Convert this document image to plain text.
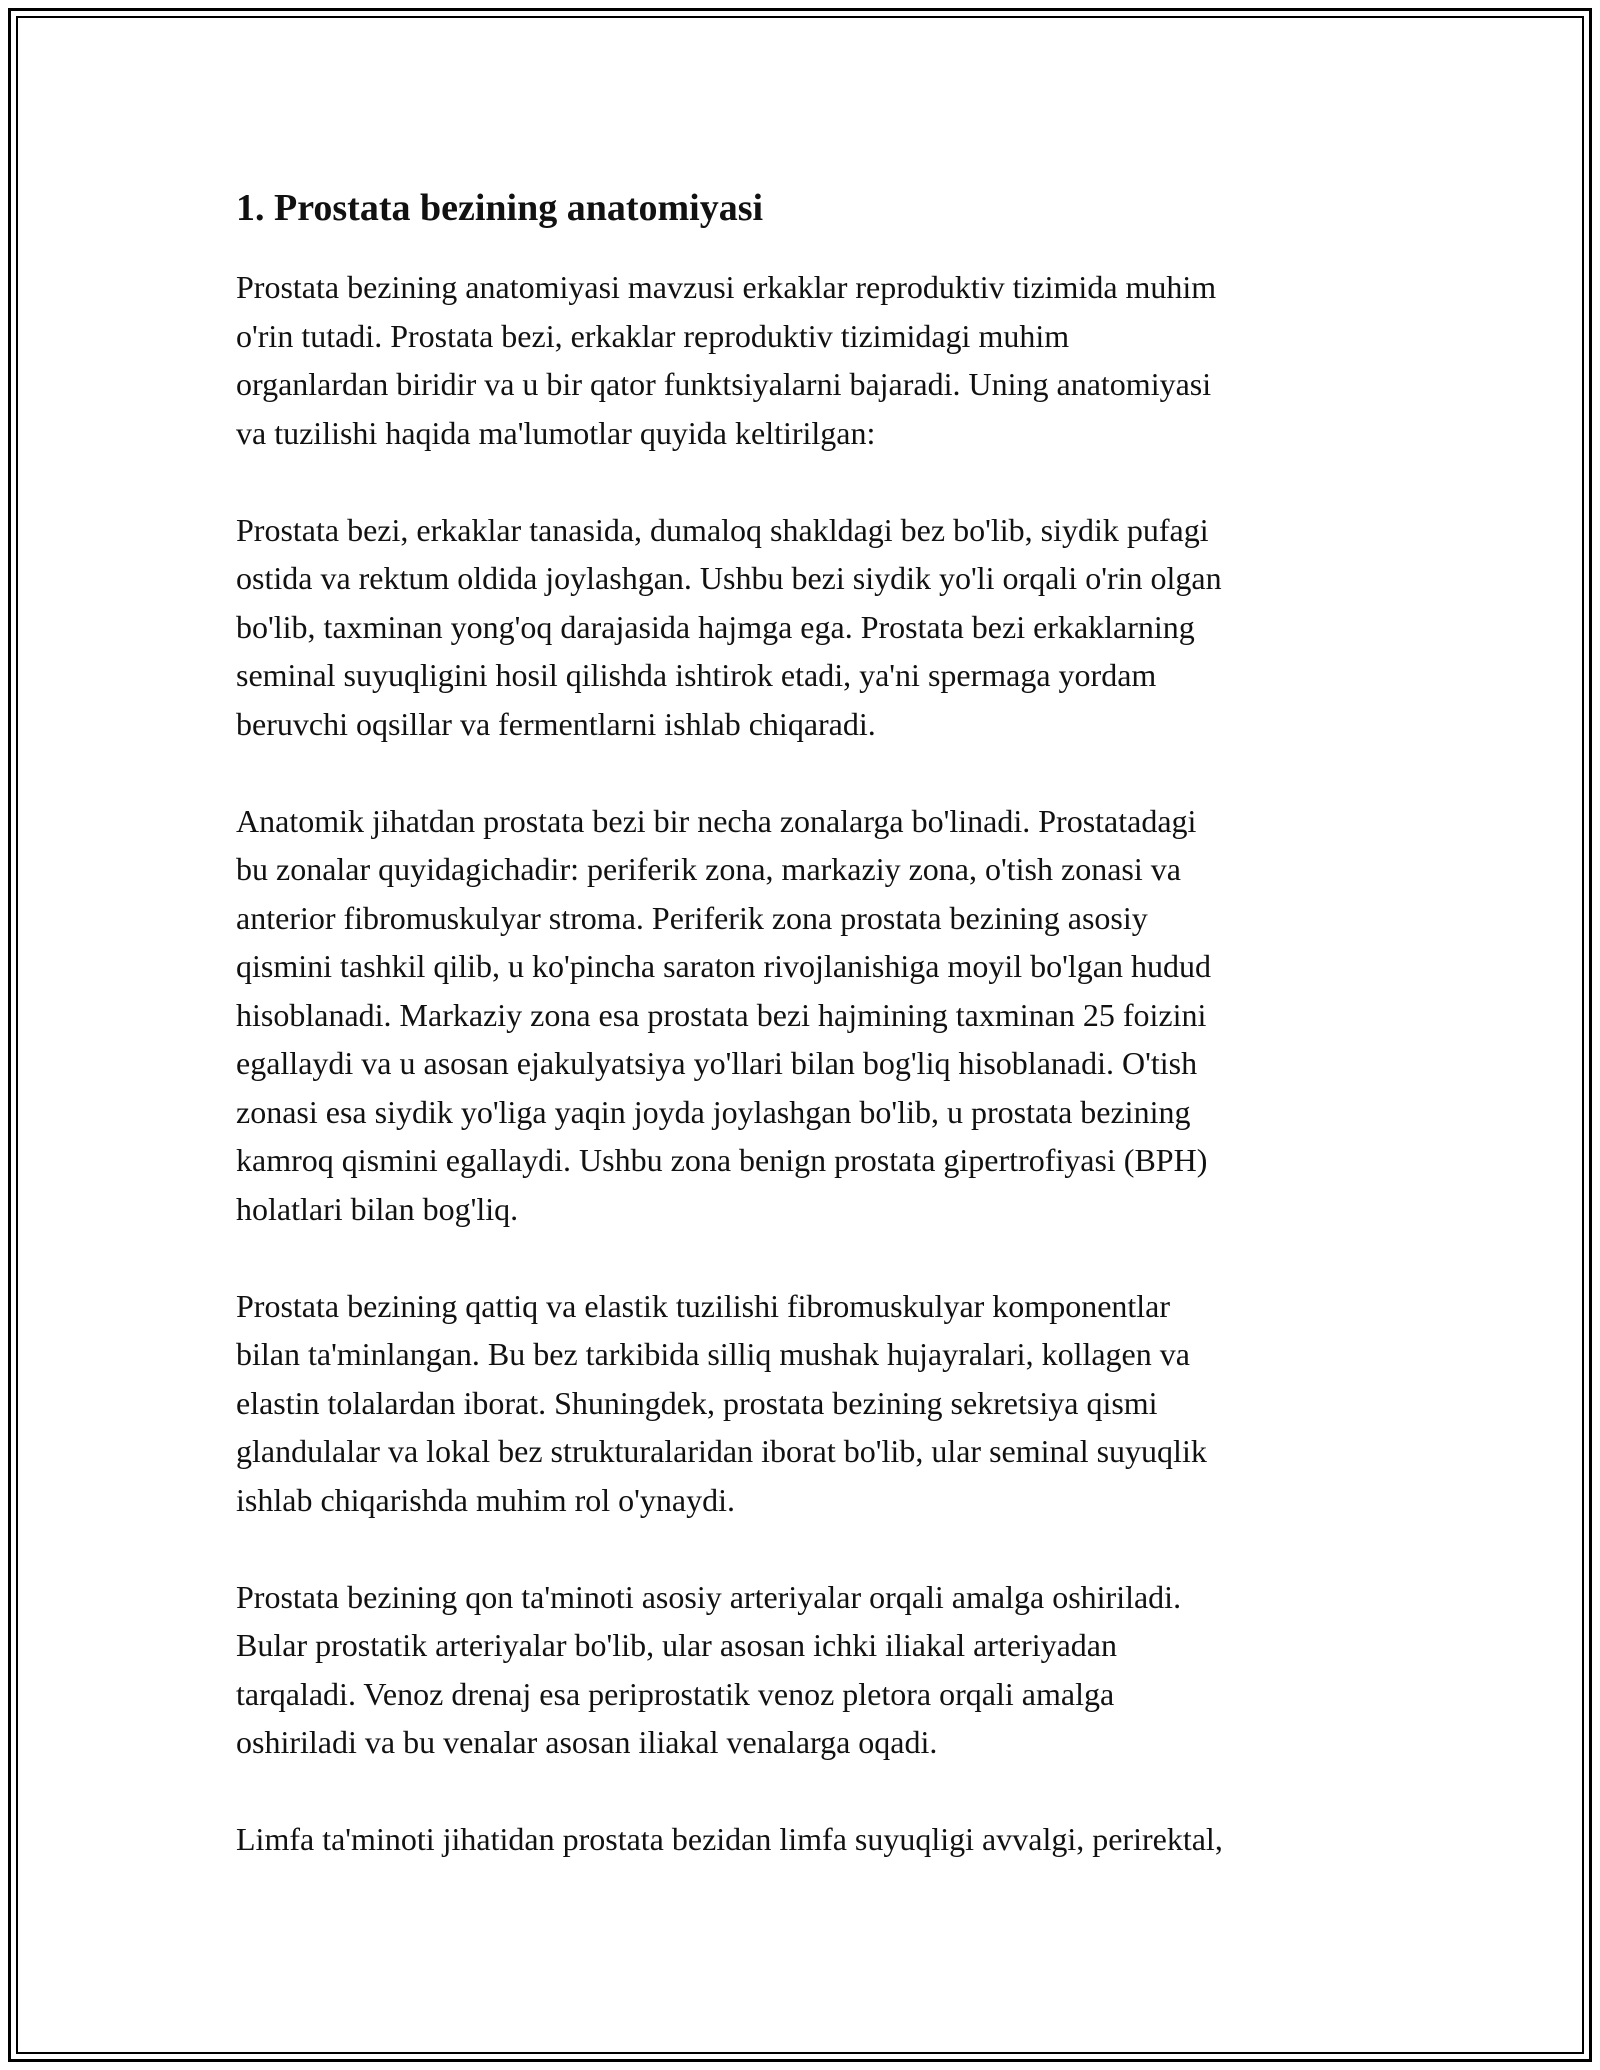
1. Prostata bezining anatomiyasi

Prostata bezining anatomiyasi mavzusi erkaklar reproduktiv tizimida muhim
o'rin tutadi. Prostata bezi, erkaklar reproduktiv tizimidagi muhim
organlardan biridir va u bir qator funktsiyalarni bajaradi. Uning anatomiyasi
va tuzilishi haqida ma'lumotlar quyida keltirilgan:

Prostata bezi, erkaklar tanasida, dumaloq shakldagi bez bo'lib, siydik pufagi
ostida va rektum oldida joylashgan. Ushbu bezi siydik yo'li orqali o'rin olgan
bo'lib, taxminan yong'oq darajasida hajmga ega. Prostata bezi erkaklarning
seminal suyuqligini hosil qilishda ishtirok etadi, ya'ni spermaga yordam
beruvchi oqsillar va fermentlarni ishlab chiqaradi.

Anatomik jihatdan prostata bezi bir necha zonalarga bo'linadi. Prostatadagi
bu zonalar quyidagichadir: periferik zona, markaziy zona, o'tish zonasi va
anterior fibromuskulyar stroma. Periferik zona prostata bezining asosiy
qismini tashkil qilib, u ko'pincha saraton rivojlanishiga moyil bo'lgan hudud
hisoblanadi. Markaziy zona esa prostata bezi hajmining taxminan 25 foizini
egallaydi va u asosan ejakulyatsiya yo'llari bilan bog'liq hisoblanadi. O'tish
zonasi esa siydik yo'liga yaqin joyda joylashgan bo'lib, u prostata bezining
kamroq qismini egallaydi. Ushbu zona benign prostata gipertrofiyasi (BPH)
holatlari bilan bog'liq.

Prostata bezining qattiq va elastik tuzilishi fibromuskulyar komponentlar
bilan ta'minlangan. Bu bez tarkibida silliq mushak hujayralari, kollagen va
elastin tolalardan iborat. Shuningdek, prostata bezining sekretsiya qismi
glandulalar va lokal bez strukturalaridan iborat bo'lib, ular seminal suyuqlik
ishlab chiqarishda muhim rol o'ynaydi.

Prostata bezining qon ta'minoti asosiy arteriyalar orqali amalga oshiriladi.
Bular prostatik arteriyalar bo'lib, ular asosan ichki iliakal arteriyadan
tarqaladi. Venoz drenaj esa periprostatik venoz pletora orqali amalga
oshiriladi va bu venalar asosan iliakal venalarga oqadi.

Limfa ta'minoti jihatidan prostata bezidan limfa suyuqligi avvalgi, perirektal,
